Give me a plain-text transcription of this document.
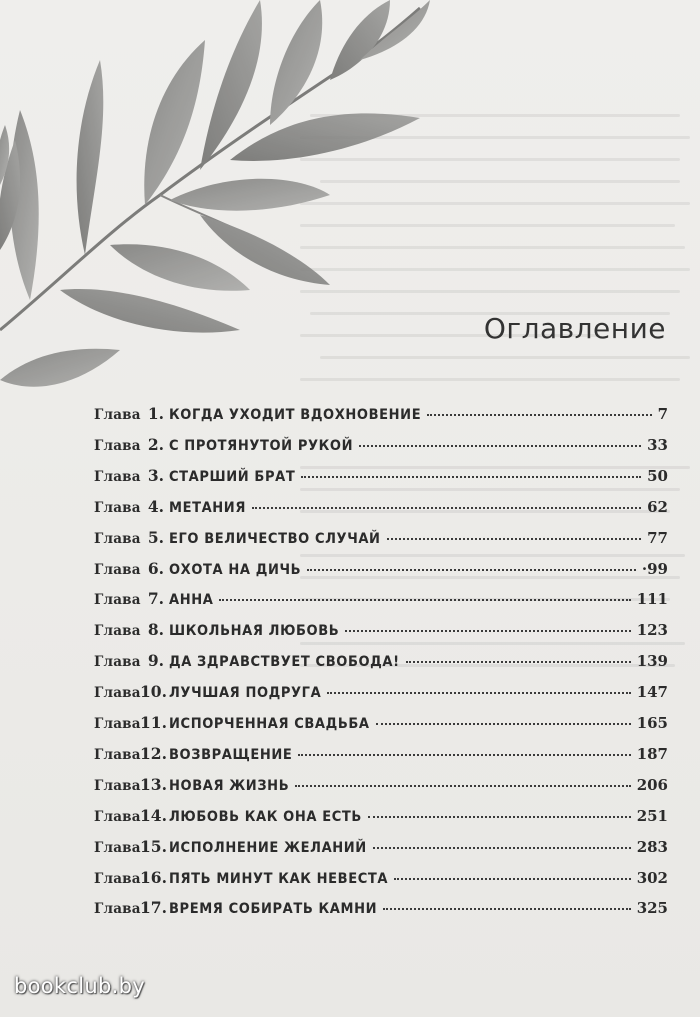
Оглавление
Глава 1. КОГДА УХОДИТ ВДОХНОВЕНИЕ	7
Глава 2. С ПРОТЯНУТОЙ РУКОЙ	33
Глава 3. СТАРШИЙ БРАТ	50
Глава 4. МЕТАНИЯ	62
Глава 5. ЕГО ВЕЛИЧЕСТВО СЛУЧАЙ	77
Глава 6. ОХОТА НА ДИЧЬ	·99
Глава 7. АННА	111
Глава 8. ШКОЛЬНАЯ ЛЮБОВЬ	123
Глава 9. ДА ЗДРАВСТВУЕТ СВОБОДА!	139
Глава 10. ЛУЧШАЯ ПОДРУГА	147
Глава 11. ИСПОРЧЕННАЯ СВАДЬБА	165
Глава 12. ВОЗВРАЩЕНИЕ	187
Глава 13. НОВАЯ ЖИЗНЬ	206
Глава 14. ЛЮБОВЬ КАК ОНА ЕСТЬ	251
Глава 15. ИСПОЛНЕНИЕ ЖЕЛАНИЙ	283
Глава 16. ПЯТЬ МИНУТ КАК НЕВЕСТА	302
Глава 17. ВРЕМЯ СОБИРАТЬ КАМНИ	325
bookclub.by
